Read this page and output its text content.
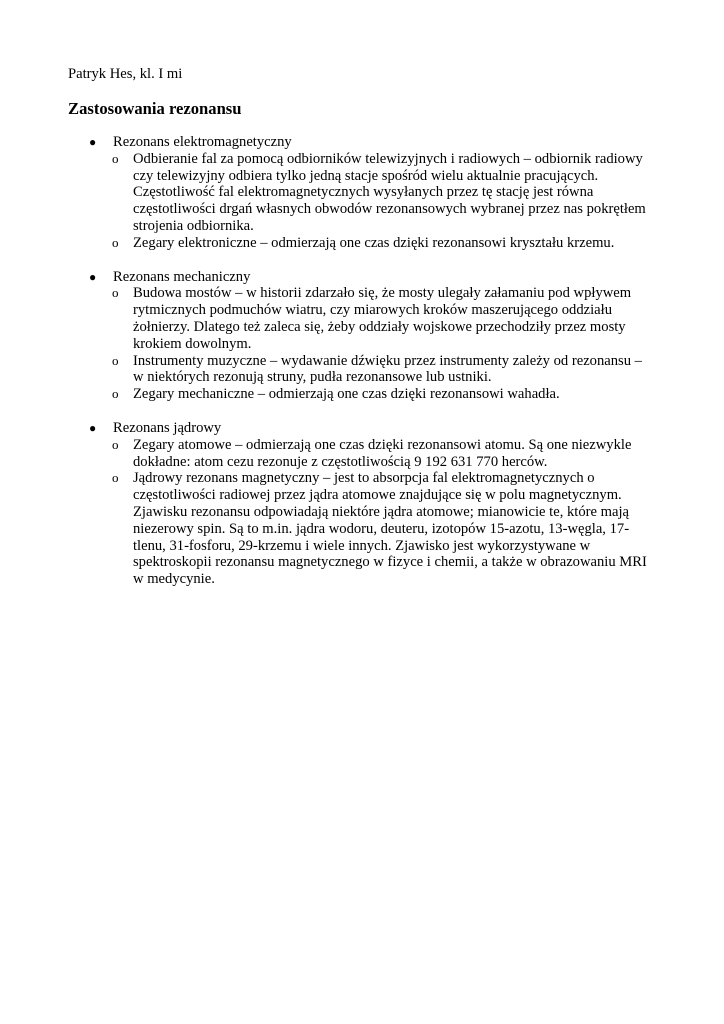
Patryk Hes, kl. I mi

Zastosowania rezonansu
● Rezonans elektromagnetyczny
o Odbieranie fal za pomocą odbiorników telewizyjnych i radiowych – odbiornik radiowy czy telewizyjny odbiera tylko jedną stacje spośród wielu aktualnie pracujących. Częstotliwość fal elektromagnetycznych wysyłanych przez tę stację jest równa częstotliwości drgań własnych obwodów rezonansowych wybranej przez nas pokrętłem strojenia odbiornika.
o Zegary elektroniczne – odmierzają one czas dzięki rezonansowi kryształu krzemu.
● Rezonans mechaniczny
o Budowa mostów – w historii zdarzało się, że mosty ulegały załamaniu pod wpływem rytmicznych podmuchów wiatru, czy miarowych kroków maszerującego oddziału żołnierzy. Dlatego też zaleca się, żeby oddziały wojskowe przechodziły przez mosty krokiem dowolnym.
o Instrumenty muzyczne – wydawanie dźwięku przez instrumenty zależy od rezonansu – w niektórych rezonują struny, pudła rezonansowe lub ustniki.
o Zegary mechaniczne – odmierzają one czas dzięki rezonansowi wahadła.
● Rezonans jądrowy
o Zegary atomowe – odmierzają one czas dzięki rezonansowi atomu. Są one niezwykle dokładne: atom cezu rezonuje z częstotliwością 9 192 631 770 herców.
o Jądrowy rezonans magnetyczny – jest to absorpcja fal elektromagnetycznych o częstotliwości radiowej przez jądra atomowe znajdujące się w polu magnetycznym. Zjawisku rezonansu odpowiadają niektóre jądra atomowe; mianowicie te, które mają niezerowy spin. Są to m.in. jądra wodoru, deuteru, izotopów 15-azotu, 13-węgla, 17-tlenu, 31-fosforu, 29-krzemu i wiele innych. Zjawisko jest wykorzystywane w spektroskopii rezonansu magnetycznego w fizyce i chemii, a także w obrazowaniu MRI w medycynie.
